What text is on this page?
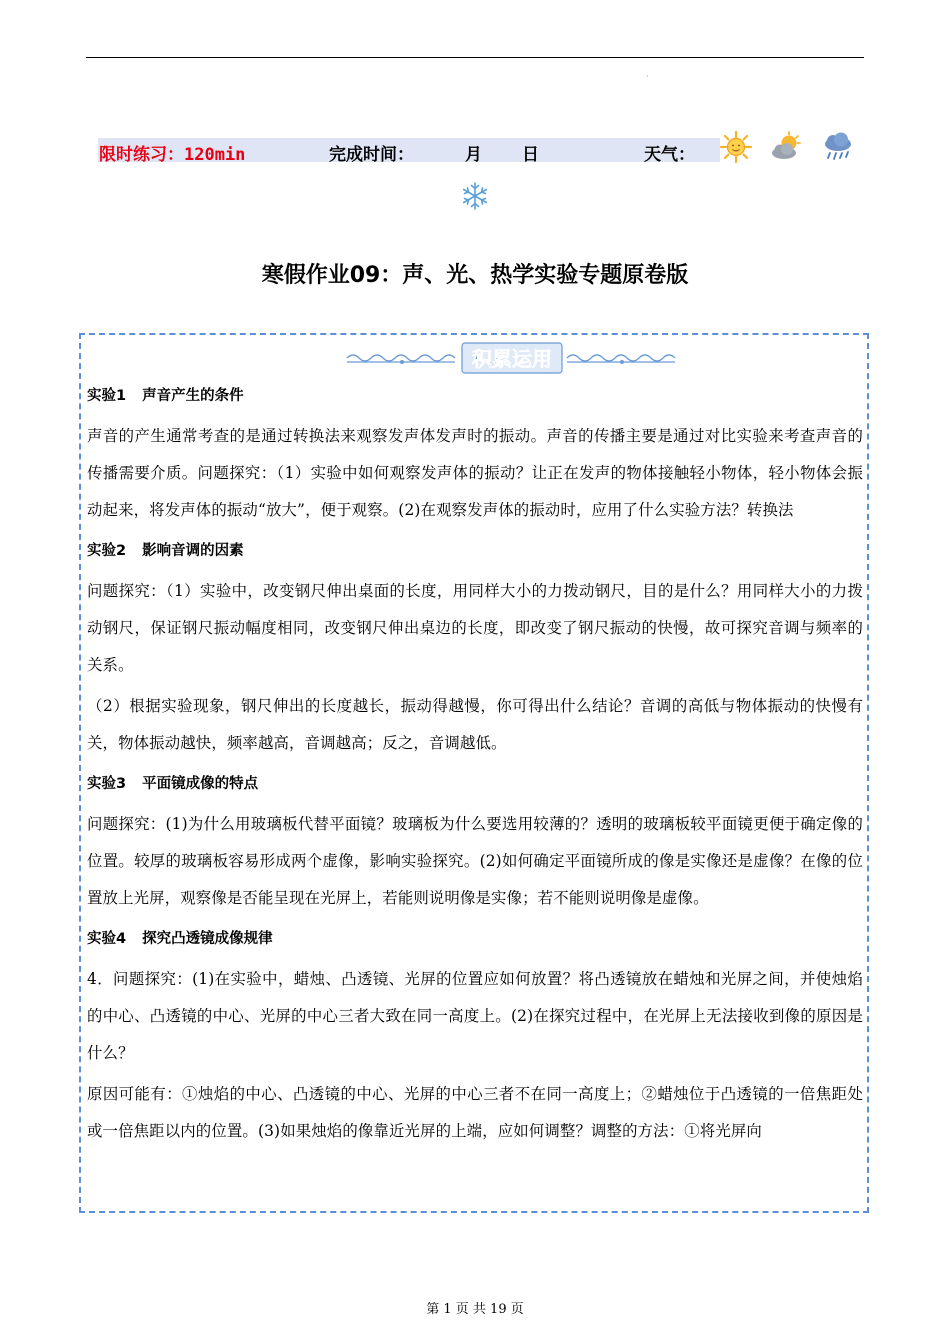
·
限时练习：120min	完成时间：	月 日	天气：
寒假作业09：声、光、热学实验专题原卷版
积累运用
实验1 声音产生的条件

声音的产生通常考查的是通过转换法来观察发声体发声时的振动。声音的传播主要是通过对比实验来考查声音的传播需要介质。问题探究：（1）实验中如何观察发声体的振动？让正在发声的物体接触轻小物体，轻小物体会振动起来，将发声体的振动“放大”，便于观察。(2)在观察发声体的振动时，应用了什么实验方法？转换法

实验2 影响音调的因素

问题探究：（1）实验中，改变钢尺伸出桌面的长度，用同样大小的力拨动钢尺，目的是什么？用同样大小的力拨动钢尺，保证钢尺振动幅度相同，改变钢尺伸出桌边的长度，即改变了钢尺振动的快慢，故可探究音调与频率的关系。

（2）根据实验现象，钢尺伸出的长度越长，振动得越慢，你可得出什么结论？音调的高低与物体振动的快慢有关，物体振动越快，频率越高，音调越高；反之，音调越低。

实验3 平面镜成像的特点

问题探究：(1)为什么用玻璃板代替平面镜？玻璃板为什么要选用较薄的？透明的玻璃板较平面镜更便于确定像的位置。较厚的玻璃板容易形成两个虚像，影响实验探究。(2)如何确定平面镜所成的像是实像还是虚像？在像的位置放上光屏，观察像是否能呈现在光屏上，若能则说明像是实像；若不能则说明像是虚像。

实验4 探究凸透镜成像规律

4．问题探究：(1)在实验中，蜡烛、凸透镜、光屏的位置应如何放置？将凸透镜放在蜡烛和光屏之间，并使烛焰的中心、凸透镜的中心、光屏的中心三者大致在同一高度上。(2)在探究过程中，在光屏上无法接收到像的原因是什么？

原因可能有：①烛焰的中心、凸透镜的中心、光屏的中心三者不在同一高度上；②蜡烛位于凸透镜的一倍焦距处或一倍焦距以内的位置。(3)如果烛焰的像靠近光屏的上端，应如何调整？调整的方法：①将光屏向

第 1 页 共 19 页
